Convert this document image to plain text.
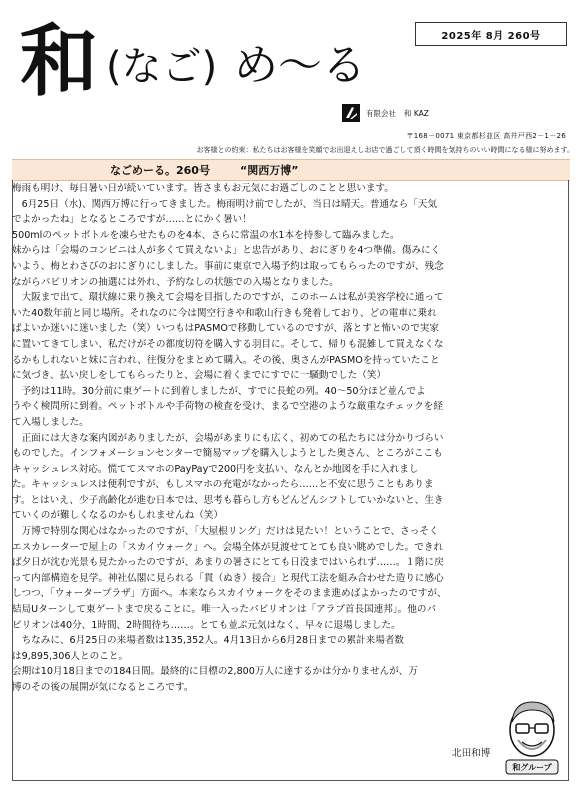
和 (なご) め～る
2025年 8月 260号
有限会社 和 KAZ
〒168－0071 東京都杉並区 高井戸西2－1－26
お客様との約束：私たちはお客様を笑顔でお出迎えしお店で過ごして頂く時間を気持ちのいい時間になる様に努めます。
なごめーる。260号	“関西万博”

梅雨も明け、毎日暑い日が続いています。皆さまもお元気にお過ごしのことと思います。

　6月25日（水)、関西万博に行ってきました。梅雨明け前でしたが、当日は晴天。普通なら「天気

でよかったね」となるところですが……とにかく暑い！

500mlのペットボトルを凍らせたものを4本、さらに常温の水1本を持参して臨みました。

妹からは「会場のコンビニは人が多くて買えないよ」と忠告があり、おにぎりを4つ準備。傷みにく

いよう、梅とわさびのおにぎりにしました。事前に東京で入場予約は取ってもらったのですが、残念

ながらパビリオンの抽選には外れ、予約なしの状態での入場となりました。

　大阪まで出て、環状線に乗り換えて会場を目指したのですが、このホームは私が美容学校に通って

いた40数年前と同じ場所。それなのに今は関空行きや和歌山行きも発着しており、どの電車に乗れ

ばよいか迷いに迷いました（笑）いつもはPASMOで移動しているのですが、落とすと怖いので実家

に置いてきてしまい、私だけがその都度切符を購入する羽目に。そして、帰りも混雑して買えなくな

るかもしれないと妹に言われ、往復分をまとめて購入。その後、奥さんがPASMOを持っていたこと

に気づき、払い戻しをしてもらったりと、会場に着くまでにすでに一騒動でした（笑）

　予約は11時。30分前に東ゲートに到着しましたが、すでに長蛇の列。40～50分ほど並んでよ

うやく検問所に到着。ペットボトルや手荷物の検査を受け、まるで空港のような厳重なチェックを経

て入場しました。

　正面には大きな案内図がありましたが、会場があまりにも広く、初めての私たちには分かりづらい

ものでした。インフォメーションセンターで簡易マップを購入しようとした奥さん、ところがここも

キャッシュレス対応。慌ててスマホのPayPayで200円を支払い、なんとか地図を手に入れまし

た。キャッシュレスは便利ですが、もしスマホの充電がなかったら……と不安に思うこともありま

す。とはいえ、少子高齢化が進む日本では、思考も暮らし方もどんどんシフトしていかないと、生き

ていくのが難しくなるのかもしれませんね（笑）

　万博で特別な関心はなかったのですが、「大屋根リング」だけは見たい！ということで、さっそく

エスカレーターで屋上の「スカイウォーク」へ。会場全体が見渡せてとても良い眺めでした。できれ

ば夕日が沈む光景も見たかったのですが、あまりの暑さにとても日没まではいられず……。１階に戻

って内部構造を見学。神社仏閣に見られる「貫（ぬき）接合」と現代工法を組み合わせた造りに感心

しつつ、「ウォータープラザ」方面へ。本来ならスカイウォークをそのまま進めばよかったのですが、

結局Uターンして東ゲートまで戻ることに。唯一入ったパビリオンは「アラブ首長国連邦」。他のパ

ビリオンは40分、1時間、2時間待ち……。とても並ぶ元気はなく、早々に退場しました。

　ちなみに、6月25日の来場者数は135,352人。4月13日から6月28日までの累計来場者数

は9,895,306人とのこと。

会期は10月18日までの184日間。最終的に目標の2,800万人に達するかは分かりませんが、万

博のその後の展開が気になるところです。

北田和博
和グループ
